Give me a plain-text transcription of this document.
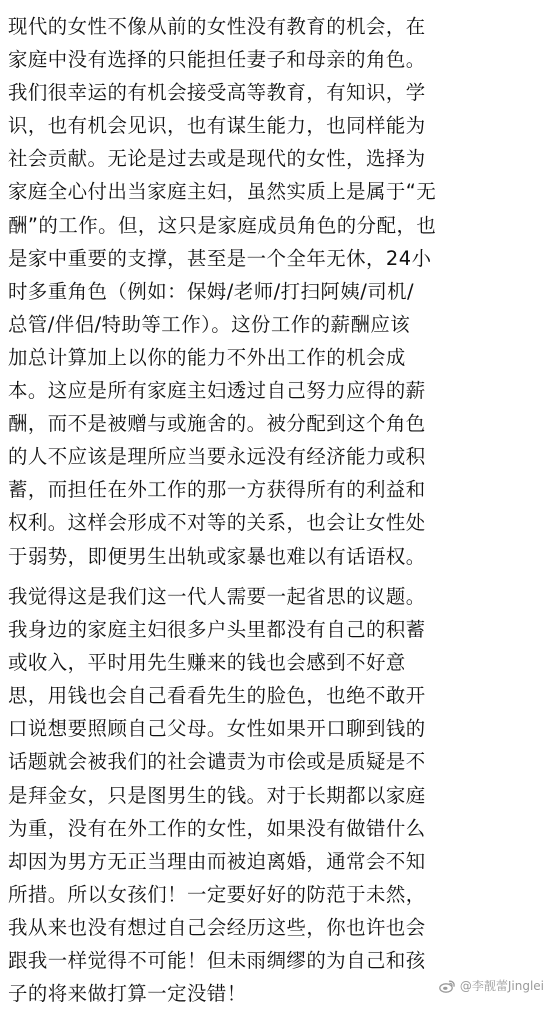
现代的女性不像从前的女性没有教育的机会，在
家庭中没有选择的只能担任妻子和母亲的角色。
我们很幸运的有机会接受高等教育，有知识，学
识，也有机会见识，也有谋生能力，也同样能为
社会贡献。无论是过去或是现代的女性，选择为
家庭全心付出当家庭主妇，虽然实质上是属于“无
酬”的工作。但，这只是家庭成员角色的分配，也
是家中重要的支撑，甚至是一个全年无休，24小
时多重角色（例如：保姆/老师/打扫阿姨/司机/
总管/伴侣/特助等工作）。这份工作的薪酬应该
加总计算加上以你的能力不外出工作的机会成
本。这应是所有家庭主妇透过自己努力应得的薪
酬，而不是被赠与或施舍的。被分配到这个角色
的人不应该是理所应当要永远没有经济能力或积
蓄，而担任在外工作的那一方获得所有的利益和
权利。这样会形成不对等的关系，也会让女性处
于弱势，即便男生出轨或家暴也难以有话语权。
我觉得这是我们这一代人需要一起省思的议题。
我身边的家庭主妇很多户头里都没有自己的积蓄
或收入，平时用先生赚来的钱也会感到不好意
思，用钱也会自己看看先生的脸色，也绝不敢开
口说想要照顾自己父母。女性如果开口聊到钱的
话题就会被我们的社会谴责为市侩或是质疑是不
是拜金女，只是图男生的钱。对于长期都以家庭
为重，没有在外工作的女性，如果没有做错什么
却因为男方无正当理由而被迫离婚，通常会不知
所措。所以女孩们！一定要好好的防范于未然，
我从来也没有想过自己会经历这些，你也许也会
跟我一样觉得不可能！但未雨绸缪的为自己和孩
子的将来做打算一定没错！	@李靓蕾Jinglei
